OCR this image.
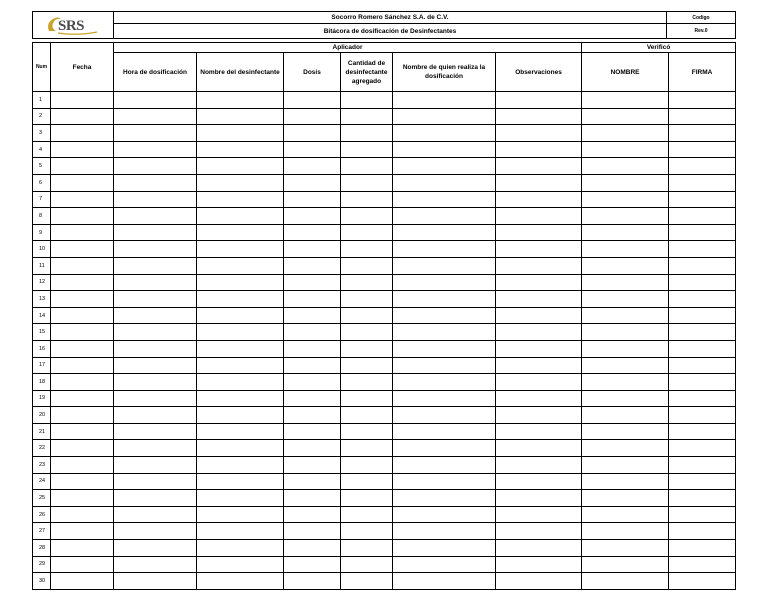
SRS	Socorro Romero Sánchez S.A. de C.V.	Codigo
	Bitácora de dosificación de Desinfectantes	Rev.0
Num	Fecha	Aplicador						Verificó	
		Hora de dosificación	Nombre del desinfectante	Dosis	Cantidad de desinfectante agregado	Nombre de quien realiza la dosificación	Observaciones	NOMBRE	FIRMA
1									
2									
3									
4									
5									
6									
7									
8									
9									
10									
11									
12									
13									
14									
15									
16									
17									
18									
19									
20									
21									
22									
23									
24									
25									
26									
27									
28									
29									
30									
